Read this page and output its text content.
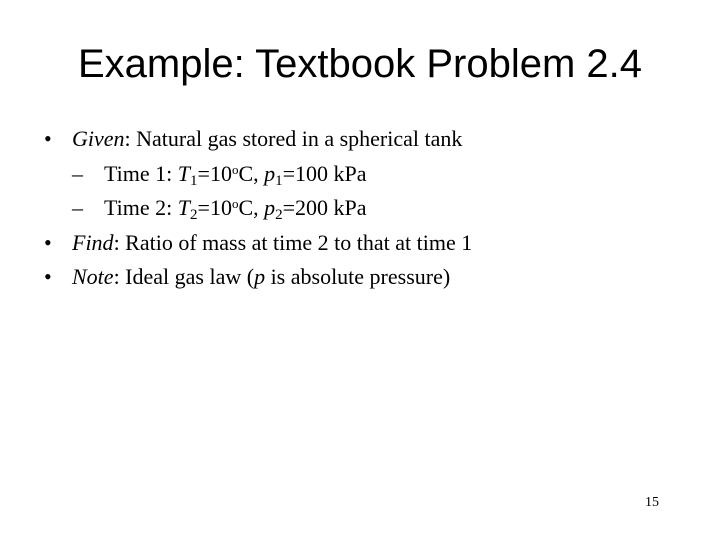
Example: Textbook Problem 2.4
• Given: Natural gas stored in a spherical tank
– Time 1: $T_1=10^oC$, $p_1=100$ kPa
– Time 2: $T_2=10^oC$, $p_2=200$ kPa
• Find: Ratio of mass at time 2 to that at time 1
• Note: Ideal gas law (p is absolute pressure)
15
